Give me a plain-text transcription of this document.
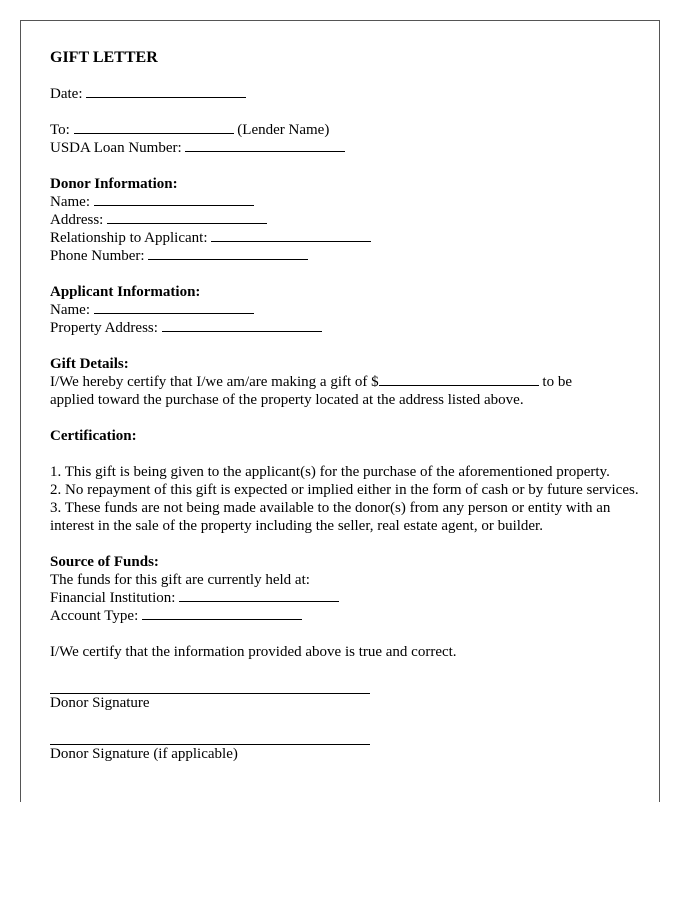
GIFT LETTER
Date:
To:	(Lender Name)
USDA Loan Number:
Donor Information:
Name:
Address:
Relationship to Applicant:
Phone Number:
Applicant Information:
Name:
Property Address:
Gift Details:
I/We hereby certify that I/we am/are making a gift of $	to be
applied toward the purchase of the property located at the address listed above.
Certification:
1. This gift is being given to the applicant(s) for the purchase of the aforementioned property.
2. No repayment of this gift is expected or implied either in the form of cash or by future services.
3. These funds are not being made available to the donor(s) from any person or entity with an interest in the sale of the property including the seller, real estate agent, or builder.
Source of Funds:
The funds for this gift are currently held at:
Financial Institution:
Account Type:
I/We certify that the information provided above is true and correct.
Donor Signature
Donor Signature (if applicable)
